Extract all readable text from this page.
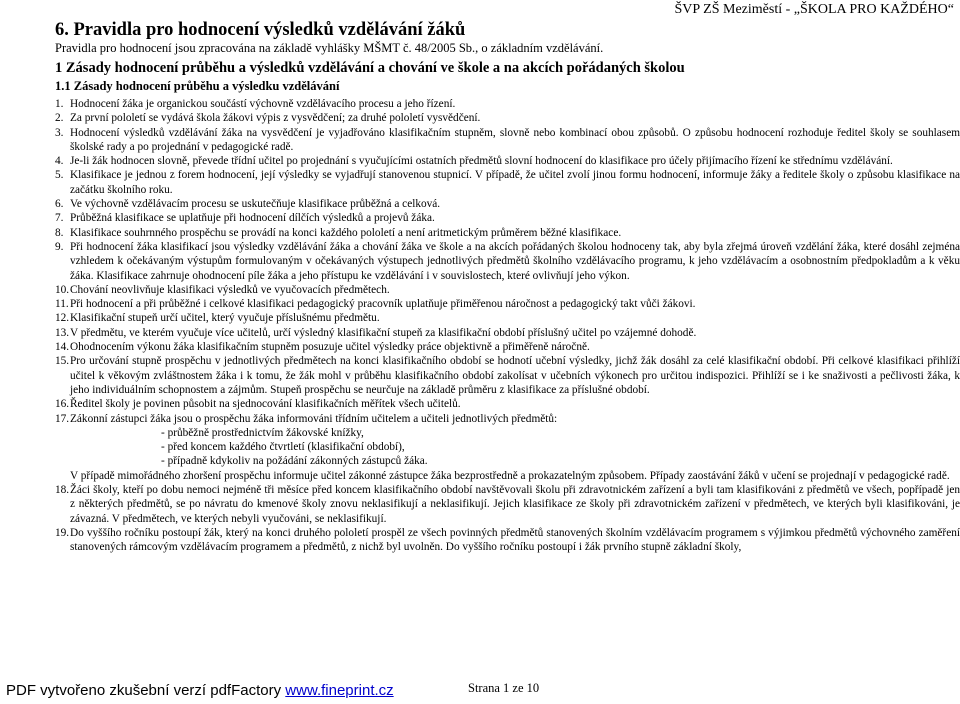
ŠVP ZŠ Meziměstí - „ŠKOLA PRO KAŽDÉHO“
6. Pravidla pro hodnocení výsledků vzdělávání žáků
Pravidla pro hodnocení jsou zpracována na základě vyhlášky MŠMT č. 48/2005 Sb., o základním vzdělávání.
1 Zásady hodnocení průběhu a výsledků vzdělávání a chování ve škole a na akcích pořádaných školou
1.1 Zásady hodnocení průběhu a výsledku vzdělávání
1. Hodnocení žáka je organickou součástí výchovně vzdělávacího procesu a jeho řízení.
2. Za první pololetí se vydává škola žákovi výpis z vysvědčení; za druhé pololetí vysvědčení.
3. Hodnocení výsledků vzdělávání žáka na vysvědčení je vyjadřováno klasifikačním stupněm, slovně nebo kombinací obou způsobů. O způsobu hodnocení rozhoduje ředitel školy se souhlasem školské rady a po projednání v pedagogické radě.
4. Je-li žák hodnocen slovně, převede třídní učitel po projednání s vyučujícími ostatních předmětů slovní hodnocení do klasifikace pro účely přijímacího řízení ke střednímu vzdělávání.
5. Klasifikace je jednou z forem hodnocení, její výsledky se vyjadřují stanovenou stupnicí. V případě, že učitel zvolí jinou formu hodnocení, informuje žáky a ředitele školy o způsobu klasifikace na začátku školního roku.
6. Ve výchovně vzdělávacím procesu se uskutečňuje klasifikace průběžná a celková.
7. Průběžná klasifikace se uplatňuje při hodnocení dílčích výsledků a projevů žáka.
8. Klasifikace souhrnného prospěchu se provádí na konci každého pololetí a není aritmetickým průměrem běžné klasifikace.
9. Při hodnocení žáka klasifikací jsou výsledky vzdělávání žáka a chování žáka ve škole a na akcích pořádaných školou hodnoceny tak, aby byla zřejmá úroveň vzdělání žáka, které dosáhl zejména vzhledem k očekávaným výstupům formulovaným v očekávaných výstupech jednotlivých předmětů školního vzdělávacího programu, k jeho vzdělávacím a osobnostním předpokladům a k věku žáka. Klasifikace zahrnuje ohodnocení píle žáka a jeho přístupu ke vzdělávání i v souvislostech, které ovlivňují jeho výkon.
10.Chování neovlivňuje klasifikaci výsledků ve vyučovacích předmětech.
11.Při hodnocení a při průběžné i celkové klasifikaci pedagogický pracovník uplatňuje přiměřenou náročnost a pedagogický takt vůči žákovi.
12.Klasifikační stupeň určí učitel, který vyučuje příslušnému předmětu.
13.V předmětu, ve kterém vyučuje více učitelů, určí výsledný klasifikační stupeň za klasifikační období příslušný učitel po vzájemné dohodě.
14.Ohodnocením výkonu žáka klasifikačním stupněm posuzuje učitel výsledky práce objektivně a přiměřeně náročně.
15.Pro určování stupně prospěchu v jednotlivých předmětech na konci klasifikačního období se hodnotí učební výsledky, jichž žák dosáhl za celé klasifikační období. Při celkové klasifikaci přihlíží učitel k věkovým zvláštnostem žáka i k tomu, že žák mohl v průběhu klasifikačního období zakolísat v učebních výkonech pro určitou indispozici. Přihlíží se i ke snaživosti a pečlivosti žáka, k jeho individuálním schopnostem a zájmům. Stupeň prospěchu se neurčuje na základě průměru z klasifikace za příslušné období.
16.Ředitel školy je povinen působit na sjednocování klasifikačních měřítek všech učitelů.
17.Zákonní zástupci žáka jsou o prospěchu žáka informováni třídním učitelem a učiteli jednotlivých předmětů:
- průběžně prostřednictvím žákovské knížky,
- před koncem každého čtvrtletí (klasifikační období),
- případně kdykoliv na požádání zákonných zástupců žáka.
V případě mimořádného zhoršení prospěchu informuje učitel zákonné zástupce žáka bezprostředně a prokazatelným způsobem. Případy zaostávání žáků v učení se projednají v pedagogické radě.
18.Žáci školy, kteří po dobu nemoci nejméně tři měsíce před koncem klasifikačního období navštěvovali školu při zdravotnickém zařízení a byli tam klasifikováni z předmětů ve všech, popřípadě jen z některých předmětů, se po návratu do kmenové školy znovu neklasifikují a neklasifikují. Jejich klasifikace ze školy při zdravotnickém zařízení v předmětech, ve kterých byli klasifikováni, je závazná. V předmětech, ve kterých nebyli vyučováni, se neklasifikují.
19.Do vyššího ročníku postoupí žák, který na konci druhého pololetí prospěl ze všech povinných předmětů stanovených školním vzdělávacím programem s výjimkou předmětů výchovného zaměření stanovených rámcovým vzdělávacím programem a předmětů, z nichž byl uvolněn. Do vyššího ročníku postoupí i žák prvního stupně základní školy,
PDF vytvořeno zkušební verzí pdfFactory www.fineprint.cz	Strana 1 ze 10
